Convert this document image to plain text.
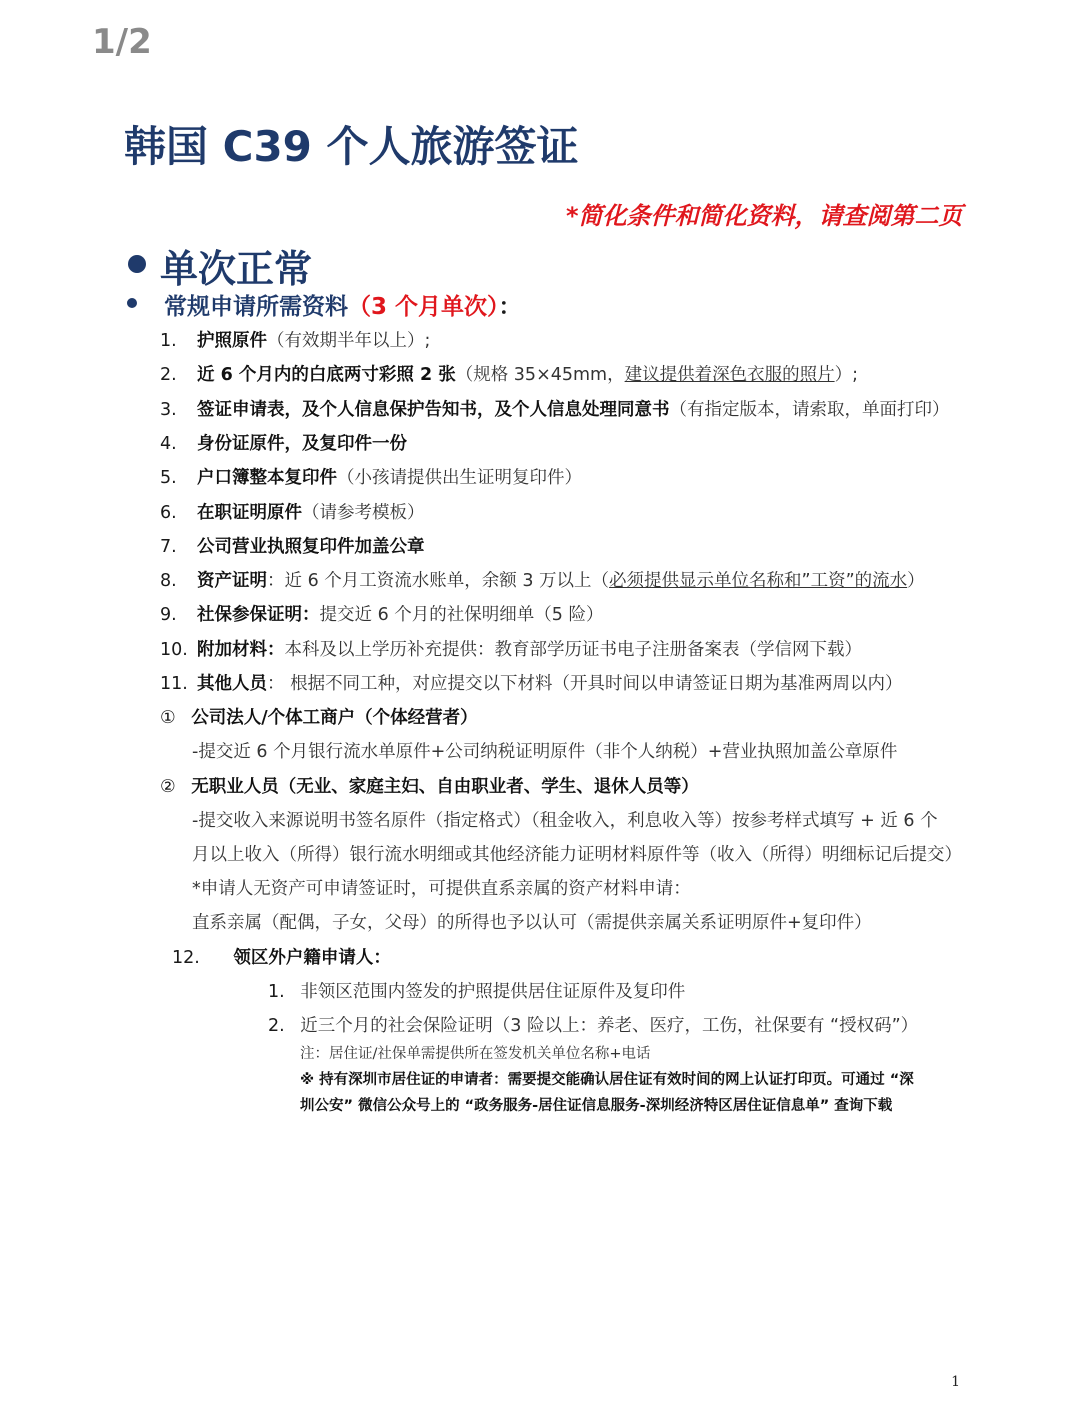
1/2
韩国 C39 个人旅游签证
*简化条件和简化资料，请查阅第二页
单次正常
常规申请所需资料（3 个月单次）：
1. 护照原件（有效期半年以上）;
2. 近 6 个月内的白底两寸彩照 2 张（规格 35×45mm，建议提供着深色衣服的照片）;
3. 签证申请表，及个人信息保护告知书，及个人信息处理同意书（有指定版本，请索取，单面打印）
4. 身份证原件，及复印件一份
5. 户口簿整本复印件（小孩请提供出生证明复印件）
6. 在职证明原件（请参考模板）
7. 公司营业执照复印件加盖公章
8. 资产证明：近 6 个月工资流水账单，余额 3 万以上（必须提供显示单位名称和”工资”的流水）
9. 社保参保证明：提交近 6 个月的社保明细单（5 险）
10. 附加材料：本科及以上学历补充提供：教育部学历证书电子注册备案表（学信网下载）
11. 其他人员： 根据不同工种，对应提交以下材料（开具时间以申请签证日期为基准两周以内）
① 公司法人/个体工商户（个体经营者）
-提交近 6 个月银行流水单原件+公司纳税证明原件（非个人纳税）+营业执照加盖公章原件
② 无职业人员（无业、家庭主妇、自由职业者、学生、退休人员等）
-提交收入来源说明书签名原件（指定格式）（租金收入，利息收入等）按参考样式填写 + 近 6 个
月以上收入（所得）银行流水明细或其他经济能力证明材料原件等（收入（所得）明细标记后提交）
*申请人无资产可申请签证时，可提供直系亲属的资产材料申请：
直系亲属（配偶，子女，父母）的所得也予以认可（需提供亲属关系证明原件+复印件）
12. 领区外户籍申请人：
1. 非领区范围内签发的护照提供居住证原件及复印件
2. 近三个月的社会保险证明（3 险以上：养老、医疗，工伤，社保要有 “授权码”）
注：居住证/社保单需提供所在签发机关单位名称+电话
※ 持有深圳市居住证的申请者：需要提交能确认居住证有效时间的网上认证打印页。可通过 “深
圳公安” 微信公众号上的 “政务服务-居住证信息服务-深圳经济特区居住证信息单” 查询下载
1
